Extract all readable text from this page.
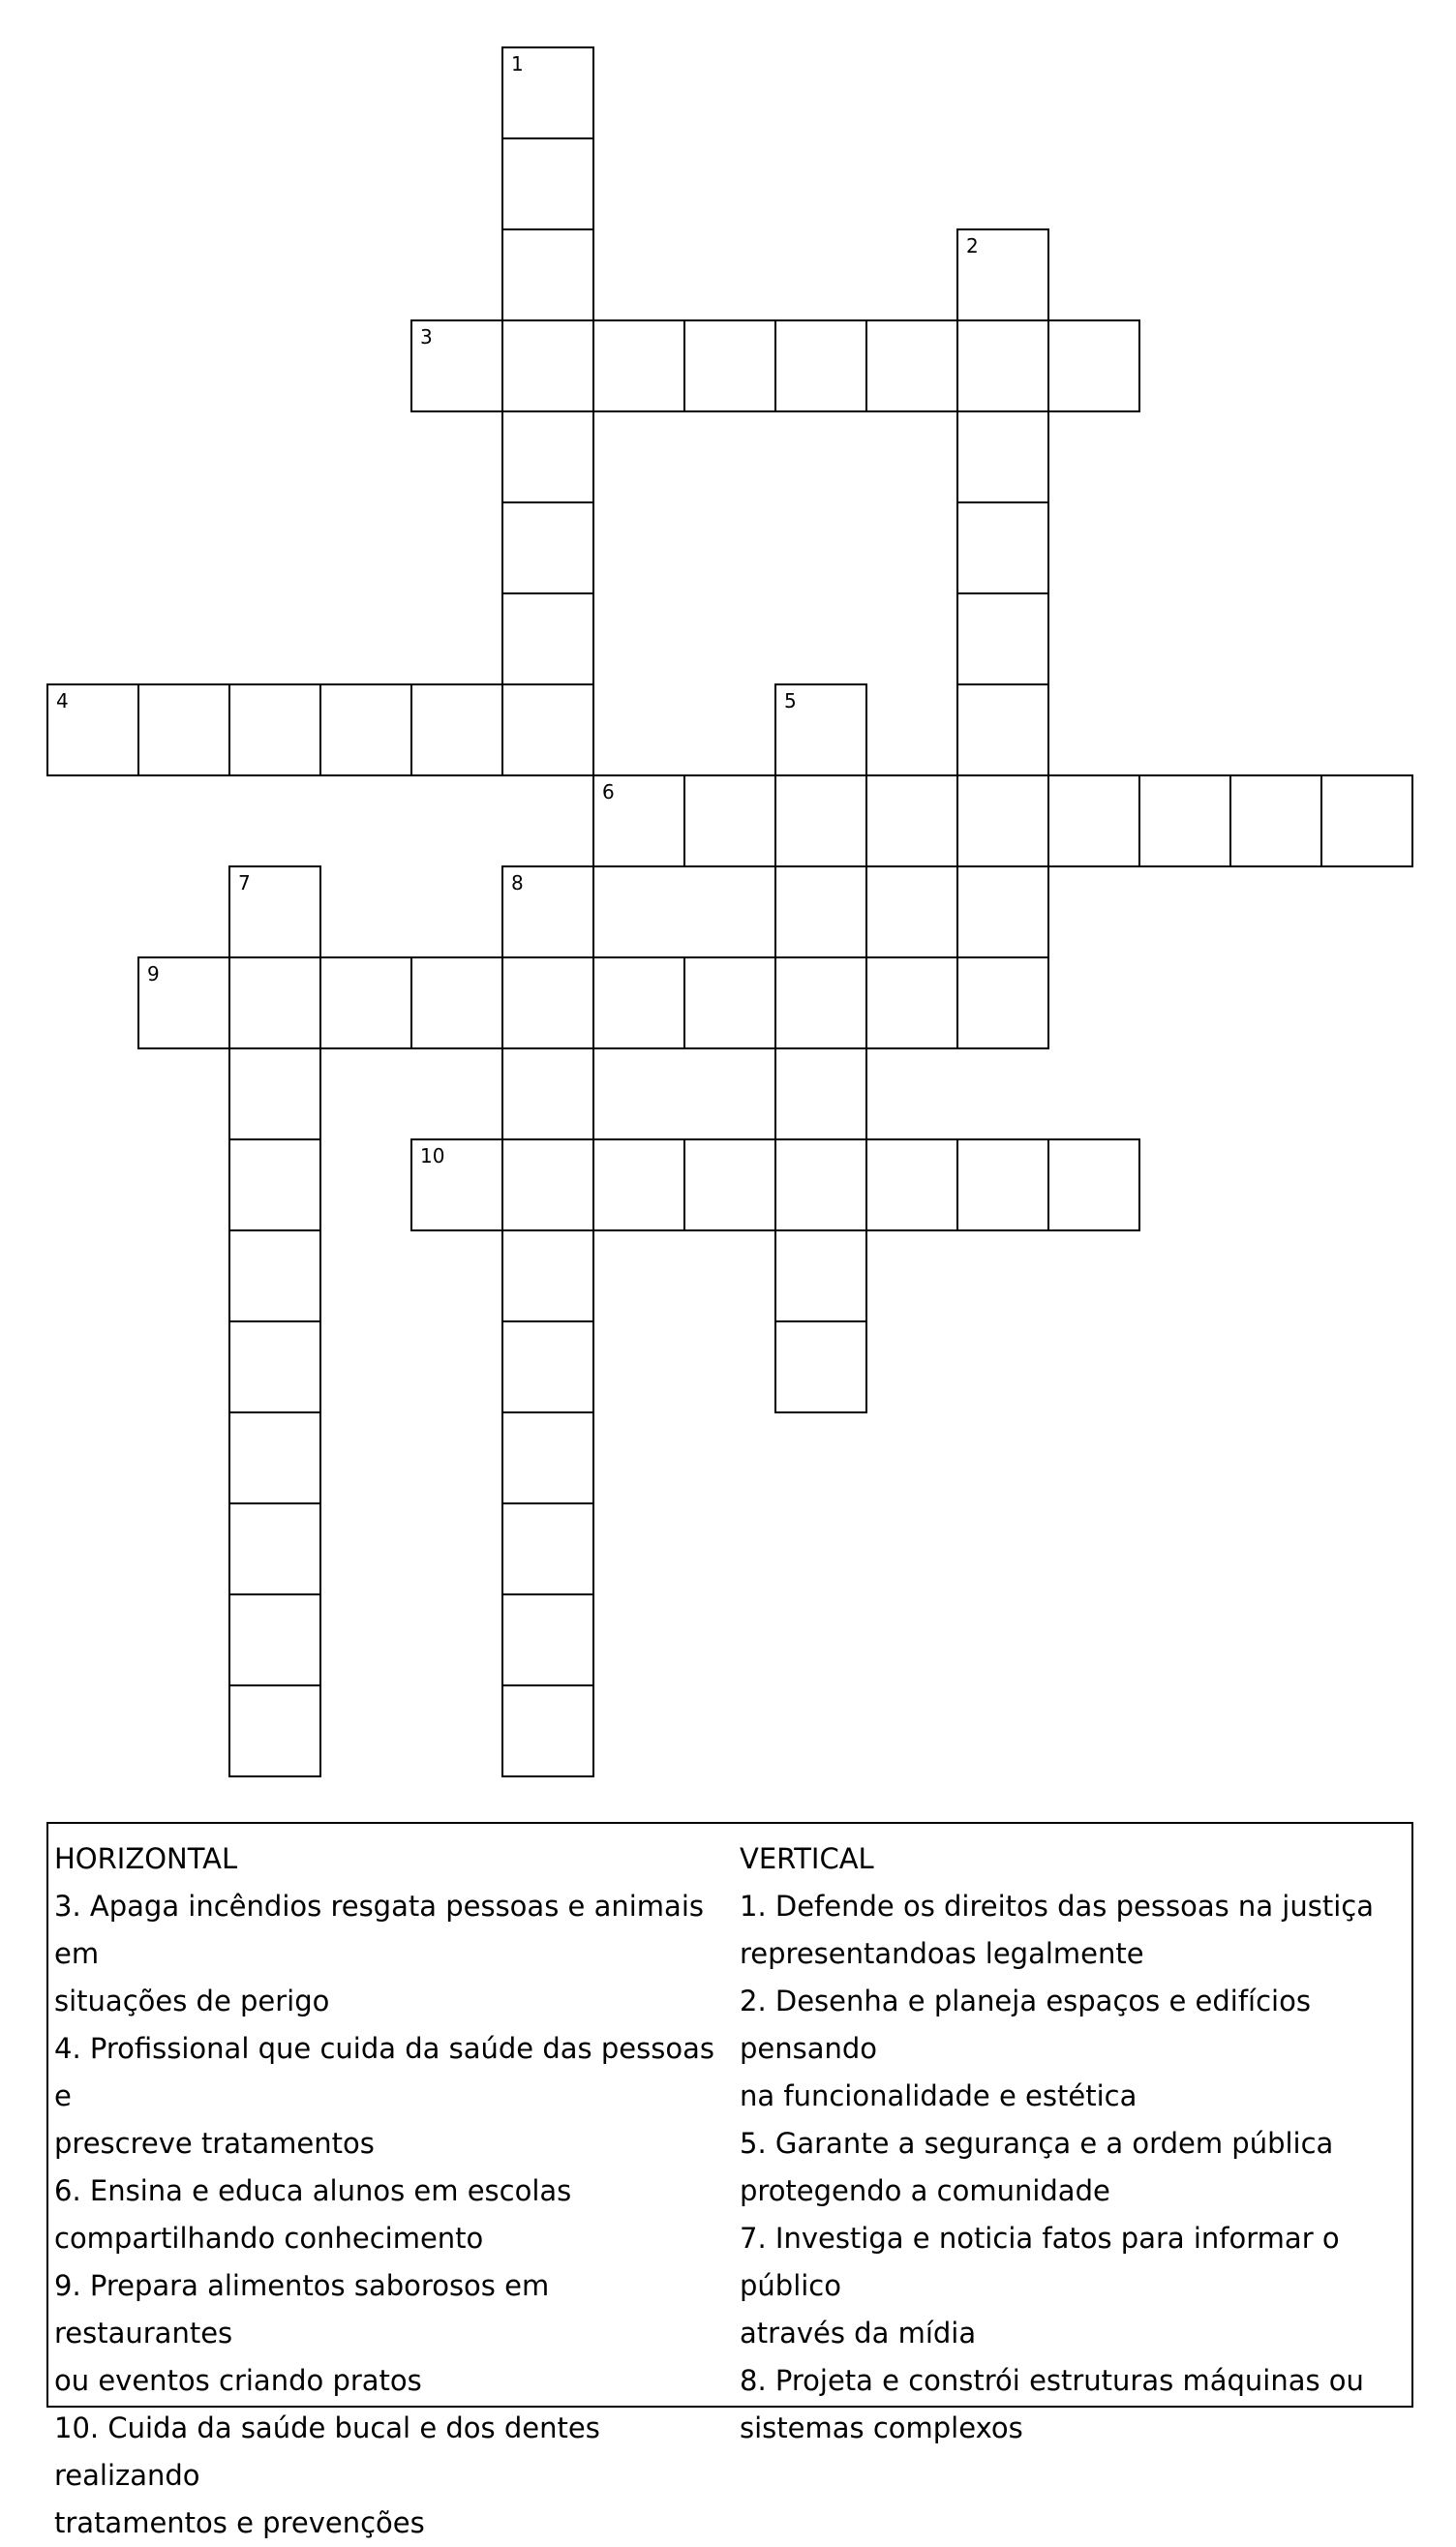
1
2
3
4	5
6
7	8
9
10

HORIZONTAL

3. Apaga incêndios resgata pessoas e animais em

situações de perigo

4. Profissional que cuida da saúde das pessoas e

prescreve tratamentos

6. Ensina e educa alunos em escolas

compartilhando conhecimento

9. Prepara alimentos saborosos em restaurantes

ou eventos criando pratos

10. Cuida da saúde bucal e dos dentes realizando

tratamentos e prevenções

VERTICAL

1. Defende os direitos das pessoas na justiça

representandoas legalmente

2. Desenha e planeja espaços e edifícios pensando

na funcionalidade e estética

5. Garante a segurança e a ordem pública

protegendo a comunidade

7. Investiga e noticia fatos para informar o público

através da mídia

8. Projeta e constrói estruturas máquinas ou

sistemas complexos
